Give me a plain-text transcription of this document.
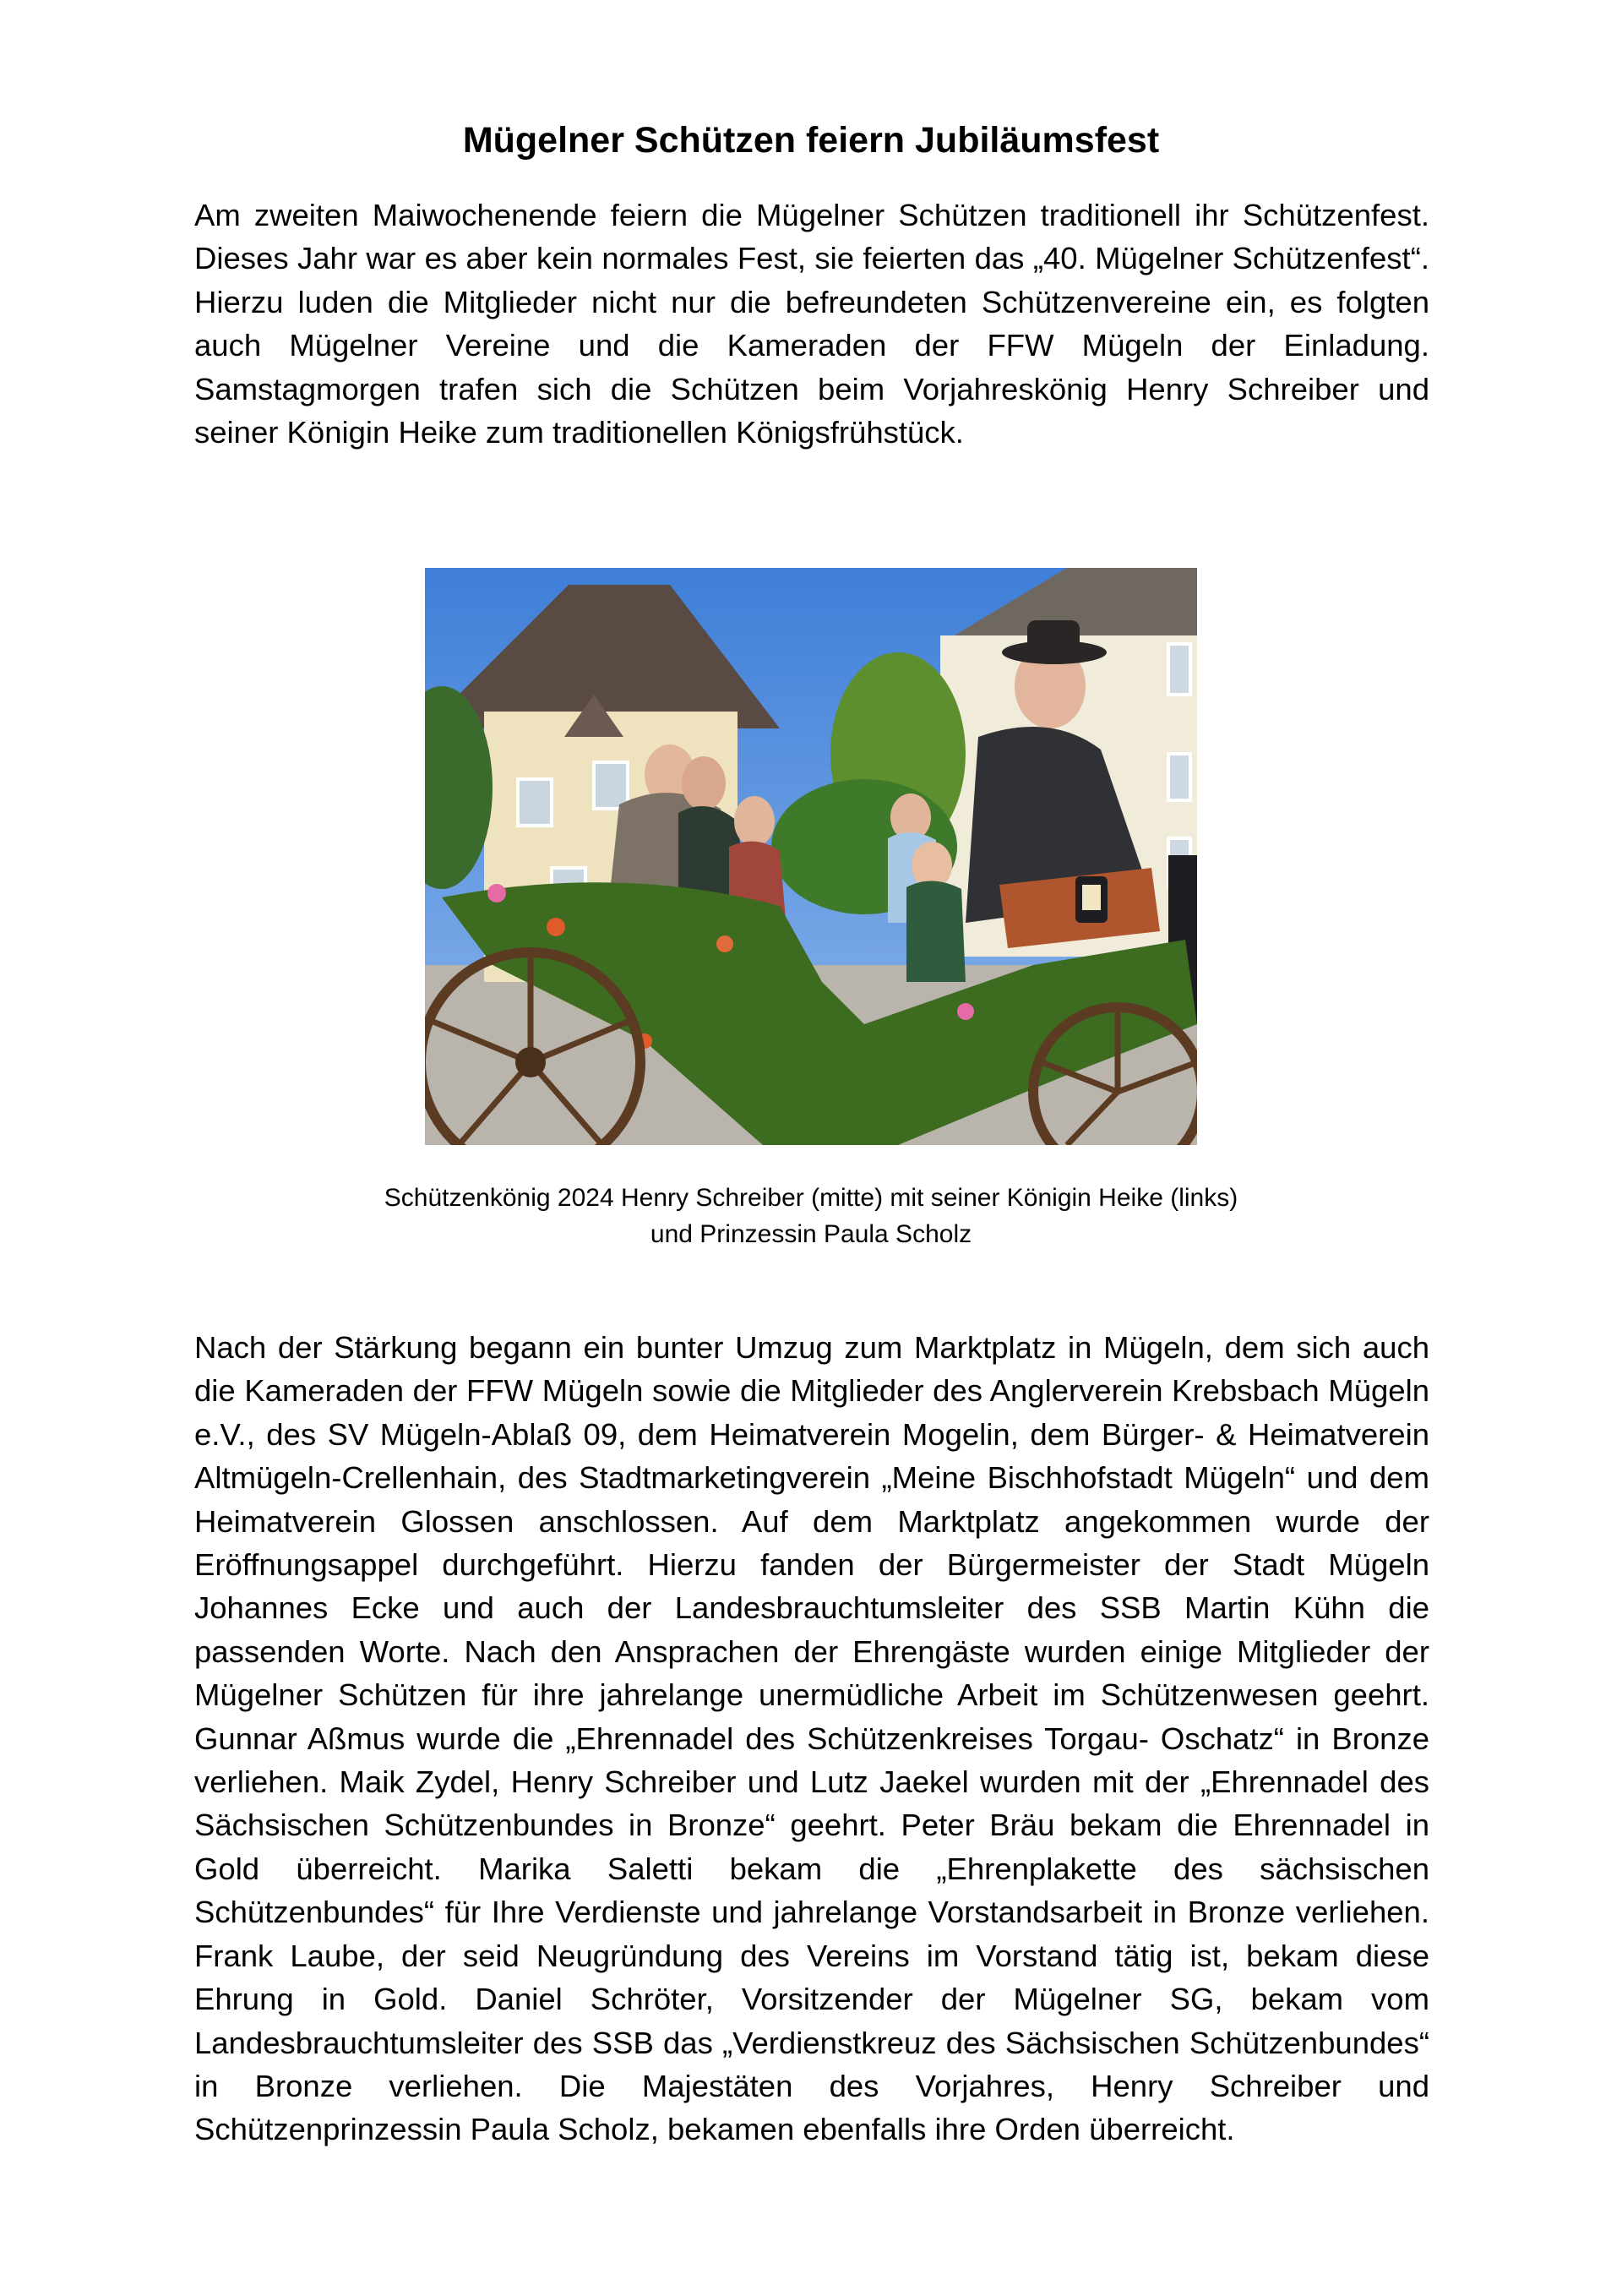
Mügelner Schützen feiern Jubiläumsfest

Am zweiten Maiwochenende feiern die Mügelner Schützen traditionell ihr Schützenfest. Dieses Jahr war es aber kein normales Fest, sie feierten das „40. Mügelner Schützenfest“. Hierzu luden die Mitglieder nicht nur die befreundeten Schützenvereine ein, es folgten auch Mügelner Vereine und die Kameraden der FFW Mügeln der Einladung. Samstagmorgen trafen sich die Schützen beim Vorjahreskönig Henry Schreiber und seiner Königin Heike zum traditionellen Königsfrühstück.

Schützenkönig 2024 Henry Schreiber (mitte) mit seiner Königin Heike (links)
und Prinzessin Paula Scholz

Nach der Stärkung begann ein bunter Umzug zum Marktplatz in Mügeln, dem sich auch die Kameraden der FFW Mügeln sowie die Mitglieder des Anglerverein Krebsbach Mügeln e.V., des SV Mügeln-Ablaß 09, dem Heimatverein Mogelin, dem Bürger- & Heimatverein Altmügeln-Crellenhain, des Stadtmarketingverein „Meine Bischhofstadt Mügeln“ und dem Heimatverein Glossen anschlossen. Auf dem Marktplatz angekommen wurde der Eröffnungsappel durchgeführt. Hierzu fanden der Bürgermeister der Stadt Mügeln Johannes Ecke und auch der Landesbrauchtumsleiter des SSB Martin Kühn die passenden Worte. Nach den Ansprachen der Ehrengäste wurden einige Mitglieder der Mügelner Schützen für ihre jahrelange unermüdliche Arbeit im Schützenwesen geehrt. Gunnar Aßmus wurde die „Ehrennadel des Schützenkreises Torgau- Oschatz“ in Bronze verliehen. Maik Zydel, Henry Schreiber und Lutz Jaekel wurden mit der „Ehrennadel des Sächsischen Schützenbundes in Bronze“ geehrt. Peter Bräu bekam die Ehrennadel in Gold überreicht. Marika Saletti bekam die „Ehrenplakette des sächsischen Schützenbundes“ für Ihre Verdienste und jahrelange Vorstandsarbeit in Bronze verliehen. Frank Laube, der seid Neugründung des Vereins im Vorstand tätig ist, bekam diese Ehrung in Gold. Daniel Schröter, Vorsitzender der Mügelner SG, bekam vom Landesbrauchtumsleiter des SSB das „Verdienstkreuz des Sächsischen Schützenbundes“ in Bronze verliehen. Die Majestäten des Vorjahres, Henry Schreiber und Schützenprinzessin Paula Scholz, bekamen ebenfalls ihre Orden überreicht.
